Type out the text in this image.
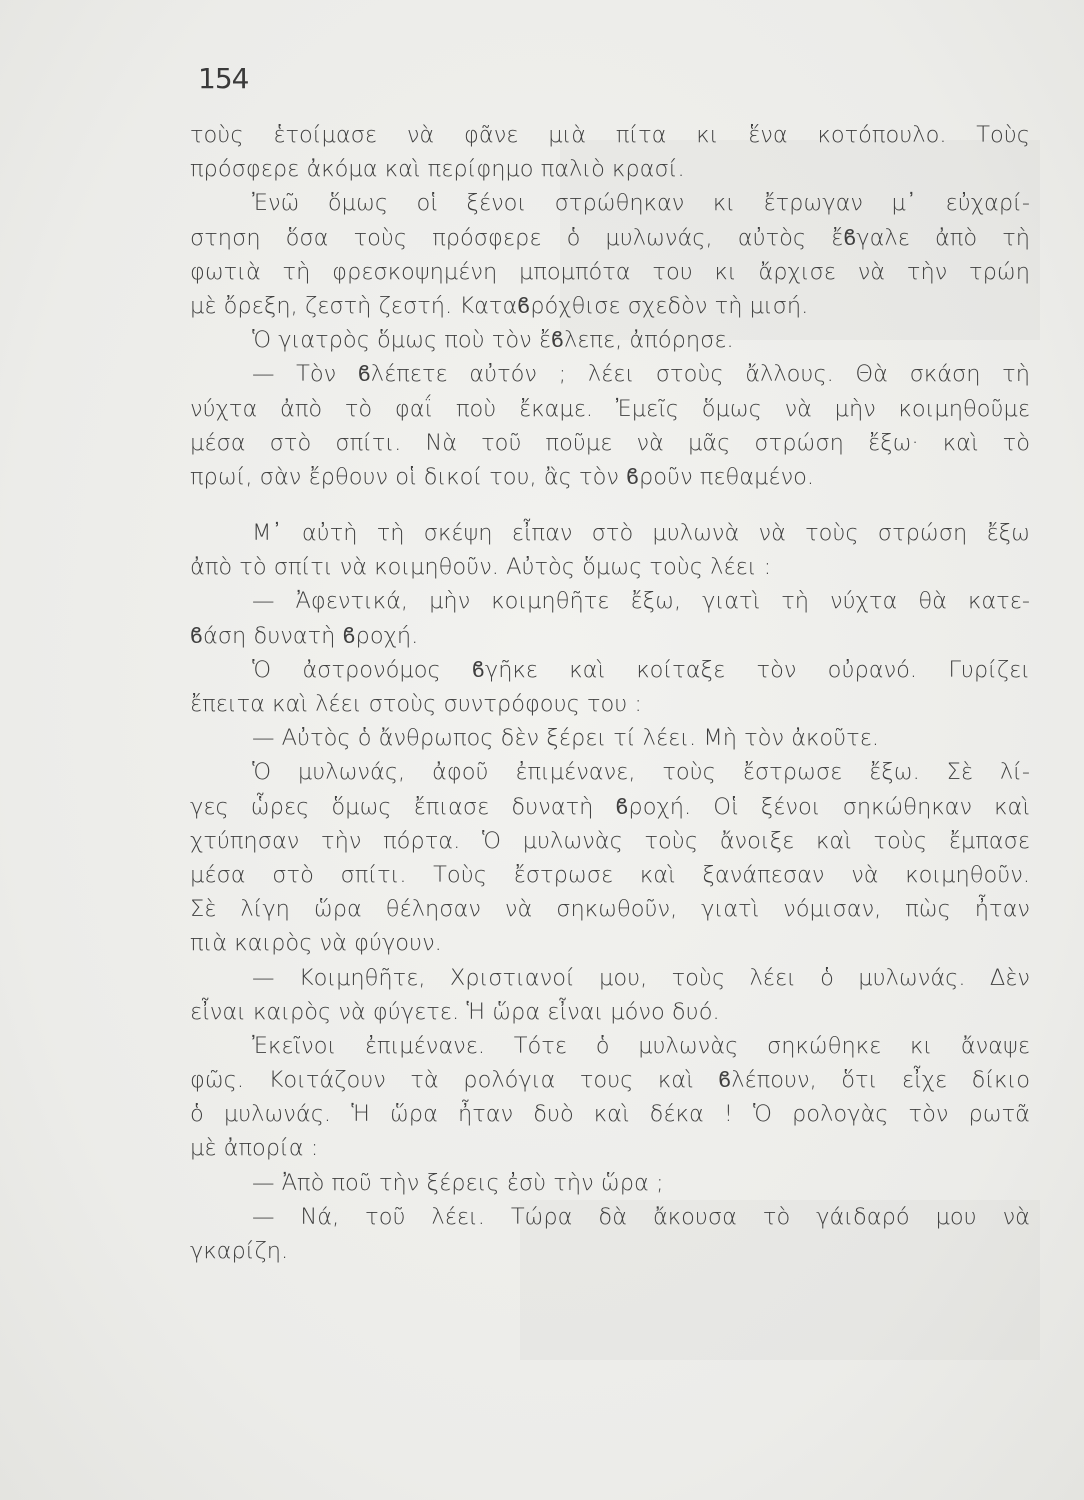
154
τοὺς ἑτοίμασε νὰ φᾶνε μιὰ πίτα κι ἕνα κοτόπουλο. Τοὺς
πρόσφερε ἀκόμα καὶ περίφημο παλιὸ κρασί.
Ἐνῶ ὅμως οἱ ξένοι στρώθηκαν κι ἔτρωγαν μ᾽ εὐχαρί-
στηση ὅσα τοὺς πρόσφερε ὁ μυλωνάς, αὐτὸς ἔϐγαλε ἀπὸ τὴ
φωτιὰ τὴ φρεσκοψημένη μπομπότα του κι ἄρχισε νὰ τὴν τρώη
μὲ ὄρεξη, ζεστὴ ζεστή. Καταϐρόχθισε σχεδὸν τὴ μισή.
Ὁ γιατρὸς ὅμως ποὺ τὸν ἔϐλεπε, ἀπόρησε.
— Τὸν ϐλέπετε αὐτόν ; λέει στοὺς ἄλλους. Θὰ σκάση τὴ
νύχτα ἀπὸ τὸ φαΐ ποὺ ἔκαμε. Ἐμεῖς ὅμως νὰ μὴν κοιμηθοῦμε
μέσα στὸ σπίτι. Νὰ τοῦ ποῦμε νὰ μᾶς στρώση ἔξω· καὶ τὸ
πρωί, σὰν ἔρθουν οἱ δικοί του, ἂς τὸν ϐροῦν πεθαμένο.
Μ᾽ αὐτὴ τὴ σκέψη εἶπαν στὸ μυλωνὰ νὰ τοὺς στρώση ἔξω
ἀπὸ τὸ σπίτι νὰ κοιμηθοῦν. Αὐτὸς ὅμως τοὺς λέει :
— Ἀφεντικά, μὴν κοιμηθῆτε ἔξω, γιατὶ τὴ νύχτα θὰ κατε-
ϐάση δυνατὴ ϐροχή.
Ὁ ἀστρονόμος ϐγῆκε καὶ κοίταξε τὸν οὐρανό. Γυρίζει
ἔπειτα καὶ λέει στοὺς συντρόφους του :
— Αὐτὸς ὁ ἄνθρωπος δὲν ξέρει τί λέει. Μὴ τὸν ἀκοῦτε.
Ὁ μυλωνάς, ἀφοῦ ἐπιμένανε, τοὺς ἔστρωσε ἔξω. Σὲ λί-
γες ὧρες ὅμως ἔπιασε δυνατὴ ϐροχή. Οἱ ξένοι σηκώθηκαν καὶ
χτύπησαν τὴν πόρτα. Ὁ μυλωνὰς τοὺς ἄνοιξε καὶ τοὺς ἔμπασε
μέσα στὸ σπίτι. Τοὺς ἔστρωσε καὶ ξανάπεσαν νὰ κοιμηθοῦν.
Σὲ λίγη ὥρα θέλησαν νὰ σηκωθοῦν, γιατὶ νόμισαν, πὼς ἦταν
πιὰ καιρὸς νὰ φύγουν.
— Κοιμηθῆτε, Χριστιανοί μου, τοὺς λέει ὁ μυλωνάς. Δὲν
εἶναι καιρὸς νὰ φύγετε. Ἡ ὥρα εἶναι μόνο δυό.
Ἐκεῖνοι ἐπιμένανε. Τότε ὁ μυλωνὰς σηκώθηκε κι ἄναψε
φῶς. Κοιτάζουν τὰ ρολόγια τους καὶ ϐλέπουν, ὅτι εἶχε δίκιο
ὁ μυλωνάς. Ἡ ὥρα ἦταν δυὸ καὶ δέκα ! Ὁ ρολογὰς τὸν ρωτᾶ
μὲ ἀπορία :
— Ἀπὸ ποῦ τὴν ξέρεις ἐσὺ τὴν ὥρα ;
— Νά, τοῦ λέει. Τώρα δὰ ἄκουσα τὸ γάιδαρό μου νὰ
γκαρίζη.
